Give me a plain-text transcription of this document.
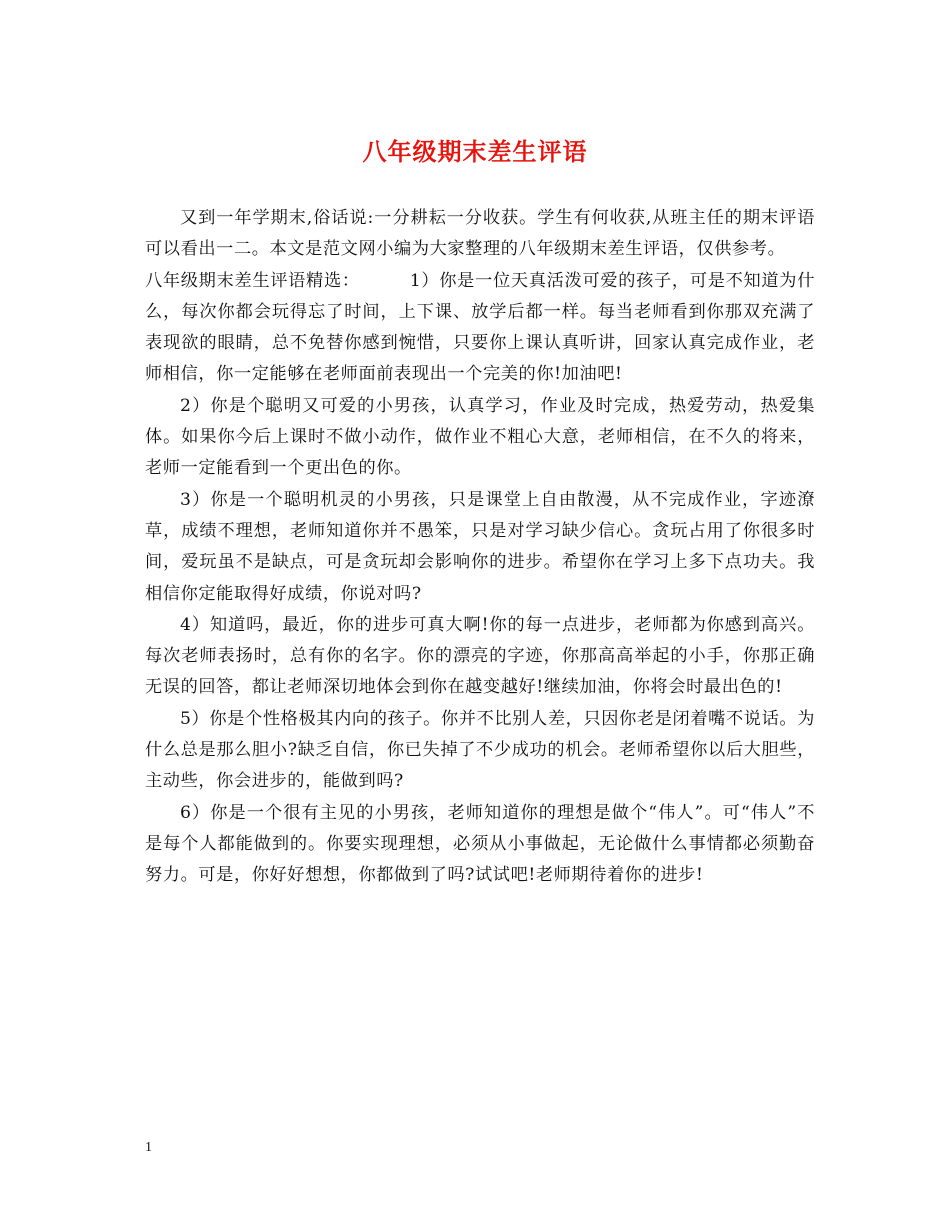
八年级期末差生评语

又到一年学期末,俗话说:一分耕耘一分收获。学生有何收获,从班主任的期末评语可以看出一二。本文是范文网小编为大家整理的八年级期末差生评语，仅供参考。

八年级期末差生评语精选：	1）你是一位天真活泼可爱的孩子，可是不知道为什么，每次你都会玩得忘了时间，上下课、放学后都一样。每当老师看到你那双充满了表现欲的眼睛，总不免替你感到惋惜，只要你上课认真听讲，回家认真完成作业，老师相信，你一定能够在老师面前表现出一个完美的你!加油吧!

2）你是个聪明又可爱的小男孩，认真学习，作业及时完成，热爱劳动，热爱集体。如果你今后上课时不做小动作，做作业不粗心大意，老师相信，在不久的将来，老师一定能看到一个更出色的你。

3）你是一个聪明机灵的小男孩，只是课堂上自由散漫，从不完成作业，字迹潦草，成绩不理想，老师知道你并不愚笨，只是对学习缺少信心。贪玩占用了你很多时间，爱玩虽不是缺点，可是贪玩却会影响你的进步。希望你在学习上多下点功夫。我相信你定能取得好成绩，你说对吗?

4）知道吗，最近，你的进步可真大啊!你的每一点进步，老师都为你感到高兴。每次老师表扬时，总有你的名字。你的漂亮的字迹，你那高高举起的小手，你那正确无误的回答，都让老师深切地体会到你在越变越好!继续加油，你将会时最出色的!

5）你是个性格极其内向的孩子。你并不比别人差，只因你老是闭着嘴不说话。为什么总是那么胆小?缺乏自信，你已失掉了不少成功的机会。老师希望你以后大胆些，主动些，你会进步的，能做到吗?

6）你是一个很有主见的小男孩，老师知道你的理想是做个“伟人”。可“伟人”不是每个人都能做到的。你要实现理想，必须从小事做起，无论做什么事情都必须勤奋努力。可是，你好好想想，你都做到了吗?试试吧!老师期待着你的进步!

1
